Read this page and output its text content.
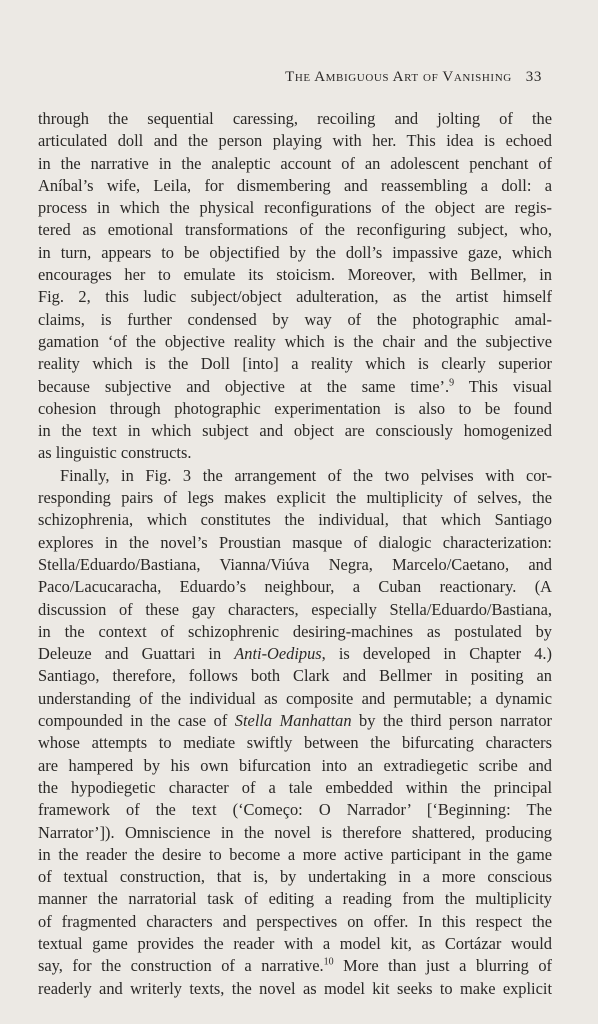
The Ambiguous Art of Vanishing 33
through the sequential caressing, recoiling and jolting of the
articulated doll and the person playing with her. This idea is echoed
in the narrative in the analeptic account of an adolescent penchant of
Aníbal’s wife, Leila, for dismembering and reassembling a doll: a
process in which the physical reconfigurations of the object are regis-
tered as emotional transformations of the reconfiguring subject, who,
in turn, appears to be objectified by the doll’s impassive gaze, which
encourages her to emulate its stoicism. Moreover, with Bellmer, in
Fig. 2, this ludic subject/object adulteration, as the artist himself
claims, is further condensed by way of the photographic amal-
gamation ‘of the objective reality which is the chair and the subjective
reality which is the Doll [into] a reality which is clearly superior
because subjective and objective at the same time’.$^9$ This visual
cohesion through photographic experimentation is also to be found
in the text in which subject and object are consciously homogenized
as linguistic constructs.
Finally, in Fig. 3 the arrangement of the two pelvises with cor-
responding pairs of legs makes explicit the multiplicity of selves, the
schizophrenia, which constitutes the individual, that which Santiago
explores in the novel’s Proustian masque of dialogic characterization:
Stella/Eduardo/Bastiana, Vianna/Viúva Negra, Marcelo/Caetano, and
Paco/Lacucaracha, Eduardo’s neighbour, a Cuban reactionary. (A
discussion of these gay characters, especially Stella/Eduardo/Bastiana,
in the context of schizophrenic desiring-machines as postulated by
Deleuze and Guattari in Anti-Oedipus, is developed in Chapter 4.)
Santiago, therefore, follows both Clark and Bellmer in positing an
understanding of the individual as composite and permutable; a dynamic
compounded in the case of Stella Manhattan by the third person narrator
whose attempts to mediate swiftly between the bifurcating characters
are hampered by his own bifurcation into an extradiegetic scribe and
the hypodiegetic character of a tale embedded within the principal
framework of the text (‘Começo: O Narrador’ [‘Beginning: The
Narrator’]). Omniscience in the novel is therefore shattered, producing
in the reader the desire to become a more active participant in the game
of textual construction, that is, by undertaking in a more conscious
manner the narratorial task of editing a reading from the multiplicity
of fragmented characters and perspectives on offer. In this respect the
textual game provides the reader with a model kit, as Cortázar would
say, for the construction of a narrative.$^{10}$ More than just a blurring of
readerly and writerly texts, the novel as model kit seeks to make explicit
